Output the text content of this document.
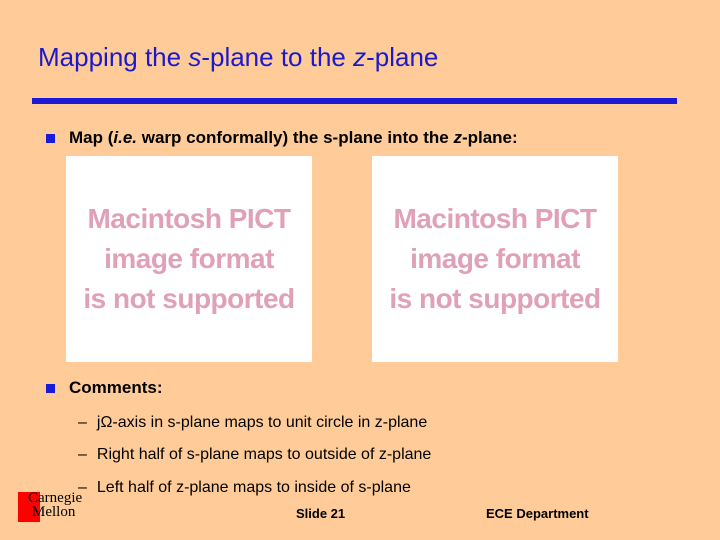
Mapping the s-plane to the z-plane
Map (i.e. warp conformally) the s-plane into the z-plane:
Macintosh PICT
image format
is not supported
Macintosh PICT
image format
is not supported
Comments:
– jΩ-axis in s-plane maps to unit circle in z-plane
– Right half of s-plane maps to outside of z-plane
– Left half of z-plane maps to inside of s-plane
Carnegie
Mellon	Slide 21	ECE Department
